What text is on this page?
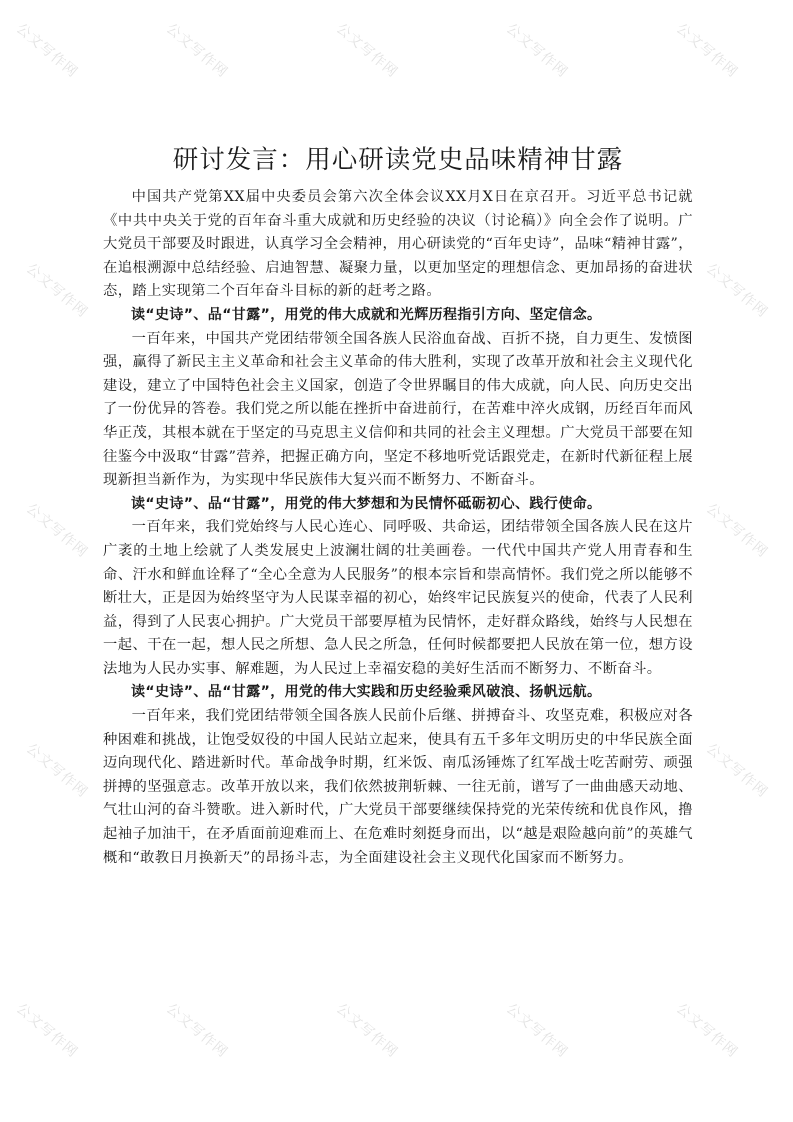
公文写作网	公文写作网	公文写作网	公文写作网	公文写作网
公文写作网	公文写作网
公文写作网	公文写作网
公文写作网	公文写作网
公文写作网	公文写作网	公文写作网	公文写作网	公文写作网
研讨发言：用心研读党史品味精神甘露

中国共产党第XX届中央委员会第六次全体会议XX月X日在京召开。习近平总书记就《中共中央关于党的百年奋斗重大成就和历史经验的决议（讨论稿）》向全会作了说明。广大党员干部要及时跟进，认真学习全会精神，用心研读党的“百年史诗”，品味“精神甘露”，在追根溯源中总结经验、启迪智慧、凝聚力量，以更加坚定的理想信念、更加昂扬的奋进状态，踏上实现第二个百年奋斗目标的新的赶考之路。

读“史诗”、品“甘露”，用党的伟大成就和光辉历程指引方向、坚定信念。

一百年来，中国共产党团结带领全国各族人民浴血奋战、百折不挠，自力更生、发愤图强，赢得了新民主主义革命和社会主义革命的伟大胜利，实现了改革开放和社会主义现代化建设，建立了中国特色社会主义国家，创造了令世界瞩目的伟大成就，向人民、向历史交出了一份优异的答卷。我们党之所以能在挫折中奋进前行，在苦难中淬火成钢，历经百年而风华正茂，其根本就在于坚定的马克思主义信仰和共同的社会主义理想。广大党员干部要在知往鉴今中汲取“甘露”营养，把握正确方向，坚定不移地听党话跟党走，在新时代新征程上展现新担当新作为，为实现中华民族伟大复兴而不断努力、不断奋斗。

读“史诗”、品“甘露”，用党的伟大梦想和为民情怀砥砺初心、践行使命。

一百年来，我们党始终与人民心连心、同呼吸、共命运，团结带领全国各族人民在这片广袤的土地上绘就了人类发展史上波澜壮阔的壮美画卷。一代代中国共产党人用青春和生命、汗水和鲜血诠释了“全心全意为人民服务”的根本宗旨和崇高情怀。我们党之所以能够不断壮大，正是因为始终坚守为人民谋幸福的初心，始终牢记民族复兴的使命，代表了人民利益，得到了人民衷心拥护。广大党员干部要厚植为民情怀，走好群众路线，始终与人民想在一起、干在一起，想人民之所想、急人民之所急，任何时候都要把人民放在第一位，想方设法地为人民办实事、解难题，为人民过上幸福安稳的美好生活而不断努力、不断奋斗。

读“史诗”、品“甘露”，用党的伟大实践和历史经验乘风破浪、扬帆远航。

一百年来，我们党团结带领全国各族人民前仆后继、拼搏奋斗、攻坚克难，积极应对各种困难和挑战，让饱受奴役的中国人民站立起来，使具有五千多年文明历史的中华民族全面迈向现代化、踏进新时代。革命战争时期，红米饭、南瓜汤锤炼了红军战士吃苦耐劳、顽强拼搏的坚强意志。改革开放以来，我们依然披荆斩棘、一往无前，谱写了一曲曲感天动地、气壮山河的奋斗赞歌。进入新时代，广大党员干部要继续保持党的光荣传统和优良作风，撸起袖子加油干，在矛盾面前迎难而上、在危难时刻挺身而出，以“越是艰险越向前”的英雄气概和“敢教日月换新天”的昂扬斗志，为全面建设社会主义现代化国家而不断努力。
